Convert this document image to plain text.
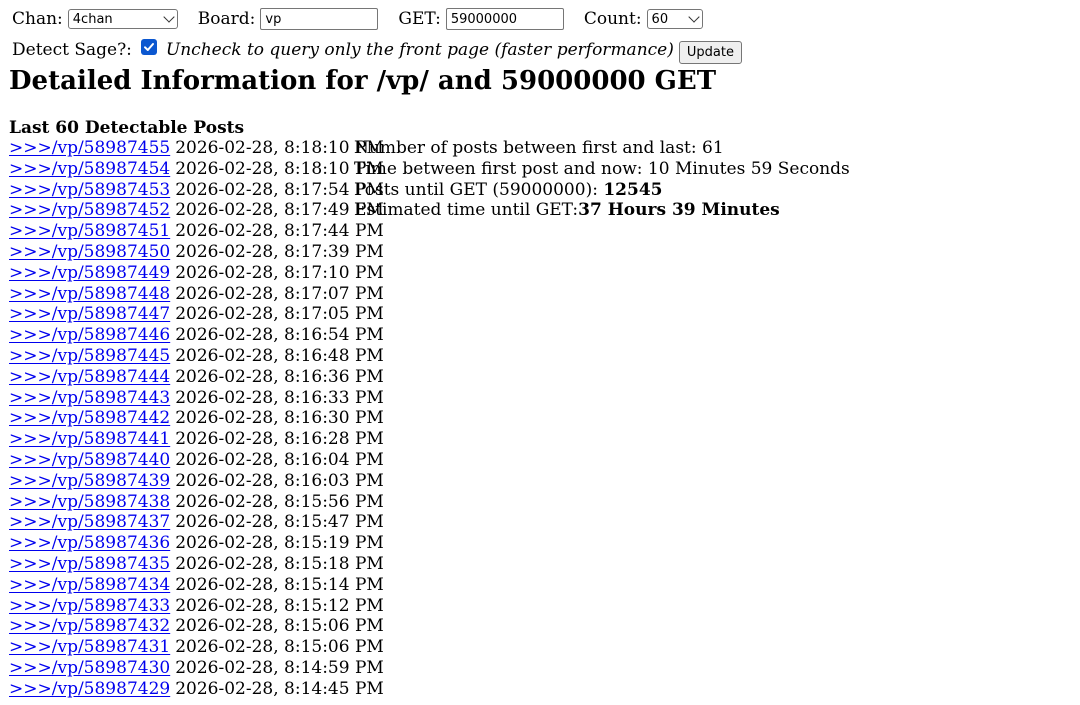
Chan: 4chan	Board:
vp	GET:
59000000	Count: 60
Detect Sage?: Uncheck to query only the front page (faster performance)	Update
Detailed Information for /vp/ and 59000000 GET
Last 60 Detectable Posts
>>>/vp/58987455 2026-02-28, 8:18:10 PM
>>>/vp/58987454 2026-02-28, 8:18:10 PM
>>>/vp/58987453 2026-02-28, 8:17:54 PM
>>>/vp/58987452 2026-02-28, 8:17:49 PM
>>>/vp/58987451 2026-02-28, 8:17:44 PM
>>>/vp/58987450 2026-02-28, 8:17:39 PM
>>>/vp/58987449 2026-02-28, 8:17:10 PM
>>>/vp/58987448 2026-02-28, 8:17:07 PM
>>>/vp/58987447 2026-02-28, 8:17:05 PM
>>>/vp/58987446 2026-02-28, 8:16:54 PM
>>>/vp/58987445 2026-02-28, 8:16:48 PM
>>>/vp/58987444 2026-02-28, 8:16:36 PM
>>>/vp/58987443 2026-02-28, 8:16:33 PM
>>>/vp/58987442 2026-02-28, 8:16:30 PM
>>>/vp/58987441 2026-02-28, 8:16:28 PM
>>>/vp/58987440 2026-02-28, 8:16:04 PM
>>>/vp/58987439 2026-02-28, 8:16:03 PM
>>>/vp/58987438 2026-02-28, 8:15:56 PM
>>>/vp/58987437 2026-02-28, 8:15:47 PM
>>>/vp/58987436 2026-02-28, 8:15:19 PM
>>>/vp/58987435 2026-02-28, 8:15:18 PM
>>>/vp/58987434 2026-02-28, 8:15:14 PM
>>>/vp/58987433 2026-02-28, 8:15:12 PM
>>>/vp/58987432 2026-02-28, 8:15:06 PM
>>>/vp/58987431 2026-02-28, 8:15:06 PM
>>>/vp/58987430 2026-02-28, 8:14:59 PM
>>>/vp/58987429 2026-02-28, 8:14:45 PM
Number of posts between first and last: 61
Time between first post and now: 10 Minutes 59 Seconds
Posts until GET (59000000): 12545
Estimated time until GET:37 Hours 39 Minutes
